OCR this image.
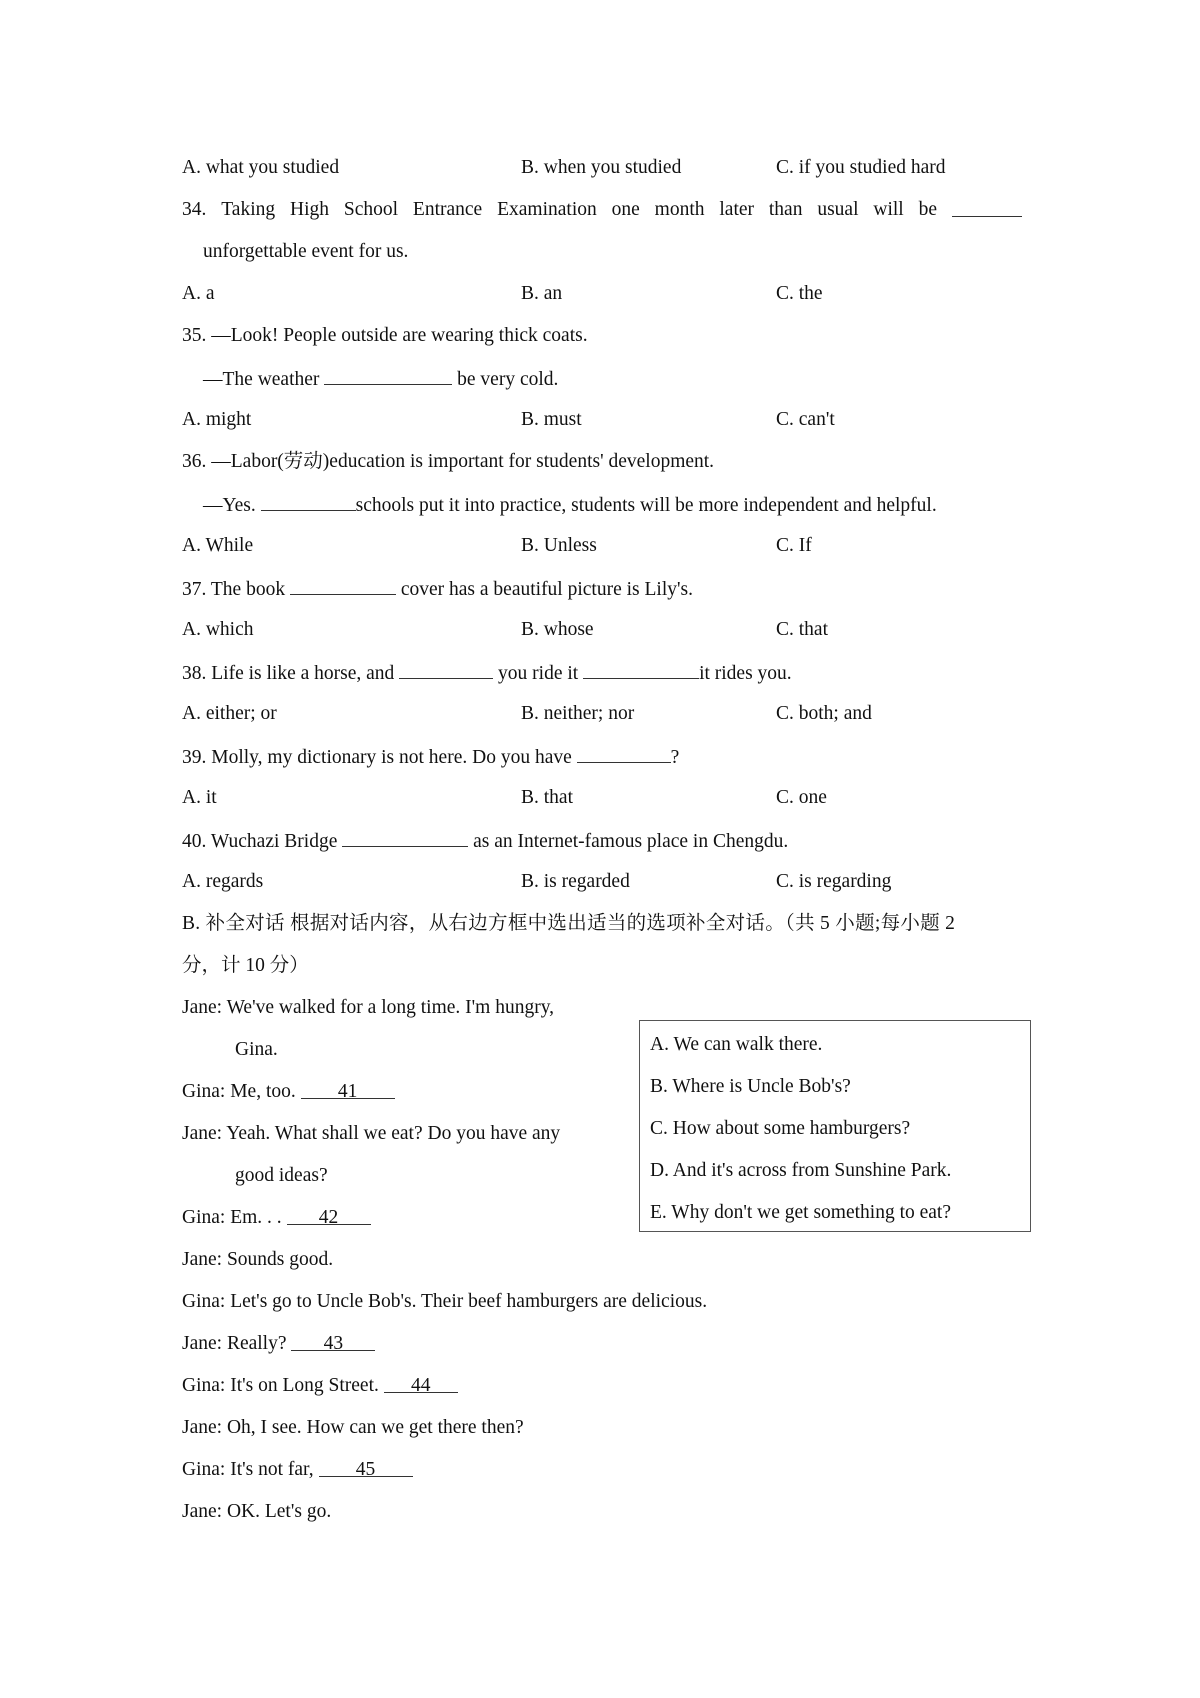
A. what you studied	B. when you studied	C. if you studied hard
34. Taking High School Entrance Examination one month later than usual will be
unforgettable event for us.
A. a	B. an	C. the
35. —Look! People outside are wearing thick coats.
—The weather	be very cold.
A. might	B. must	C. can't
36. —Labor(劳动)education is important for students' development.
—Yes.	schools put it into practice, students will be more independent and helpful.
A. While	B. Unless	C. If
37. The book	cover has a beautiful picture is Lily's.
A. which	B. whose	C. that
38. Life is like a horse, and	you ride it	it rides you.
A. either; or	B. neither; nor	C. both; and
39. Molly, my dictionary is not here. Do you have	?
A. it	B. that	C. one
40. Wuchazi Bridge	as an Internet-famous place in Chengdu.
A. regards	B. is regarded	C. is regarding
B. 补全对话 根据对话内容，从右边方框中选出适当的选项补全对话。（共 5 小题;每小题 2
分，计 10 分）
Jane: We've walked for a long time. I'm hungry,
Gina.
Gina: Me, too. 41
Jane: Yeah. What shall we eat? Do you have any
good ideas?
Gina: Em. . . 42
Jane: Sounds good.
Gina: Let's go to Uncle Bob's. Their beef hamburgers are delicious.
Jane: Really? 43
Gina: It's on Long Street. 44
Jane: Oh, I see. How can we get there then?
Gina: It's not far, 45
Jane: OK. Let's go.
A. We can walk there.
B. Where is Uncle Bob's?
C. How about some hamburgers?
D. And it's across from Sunshine Park.
E. Why don't we get something to eat?
